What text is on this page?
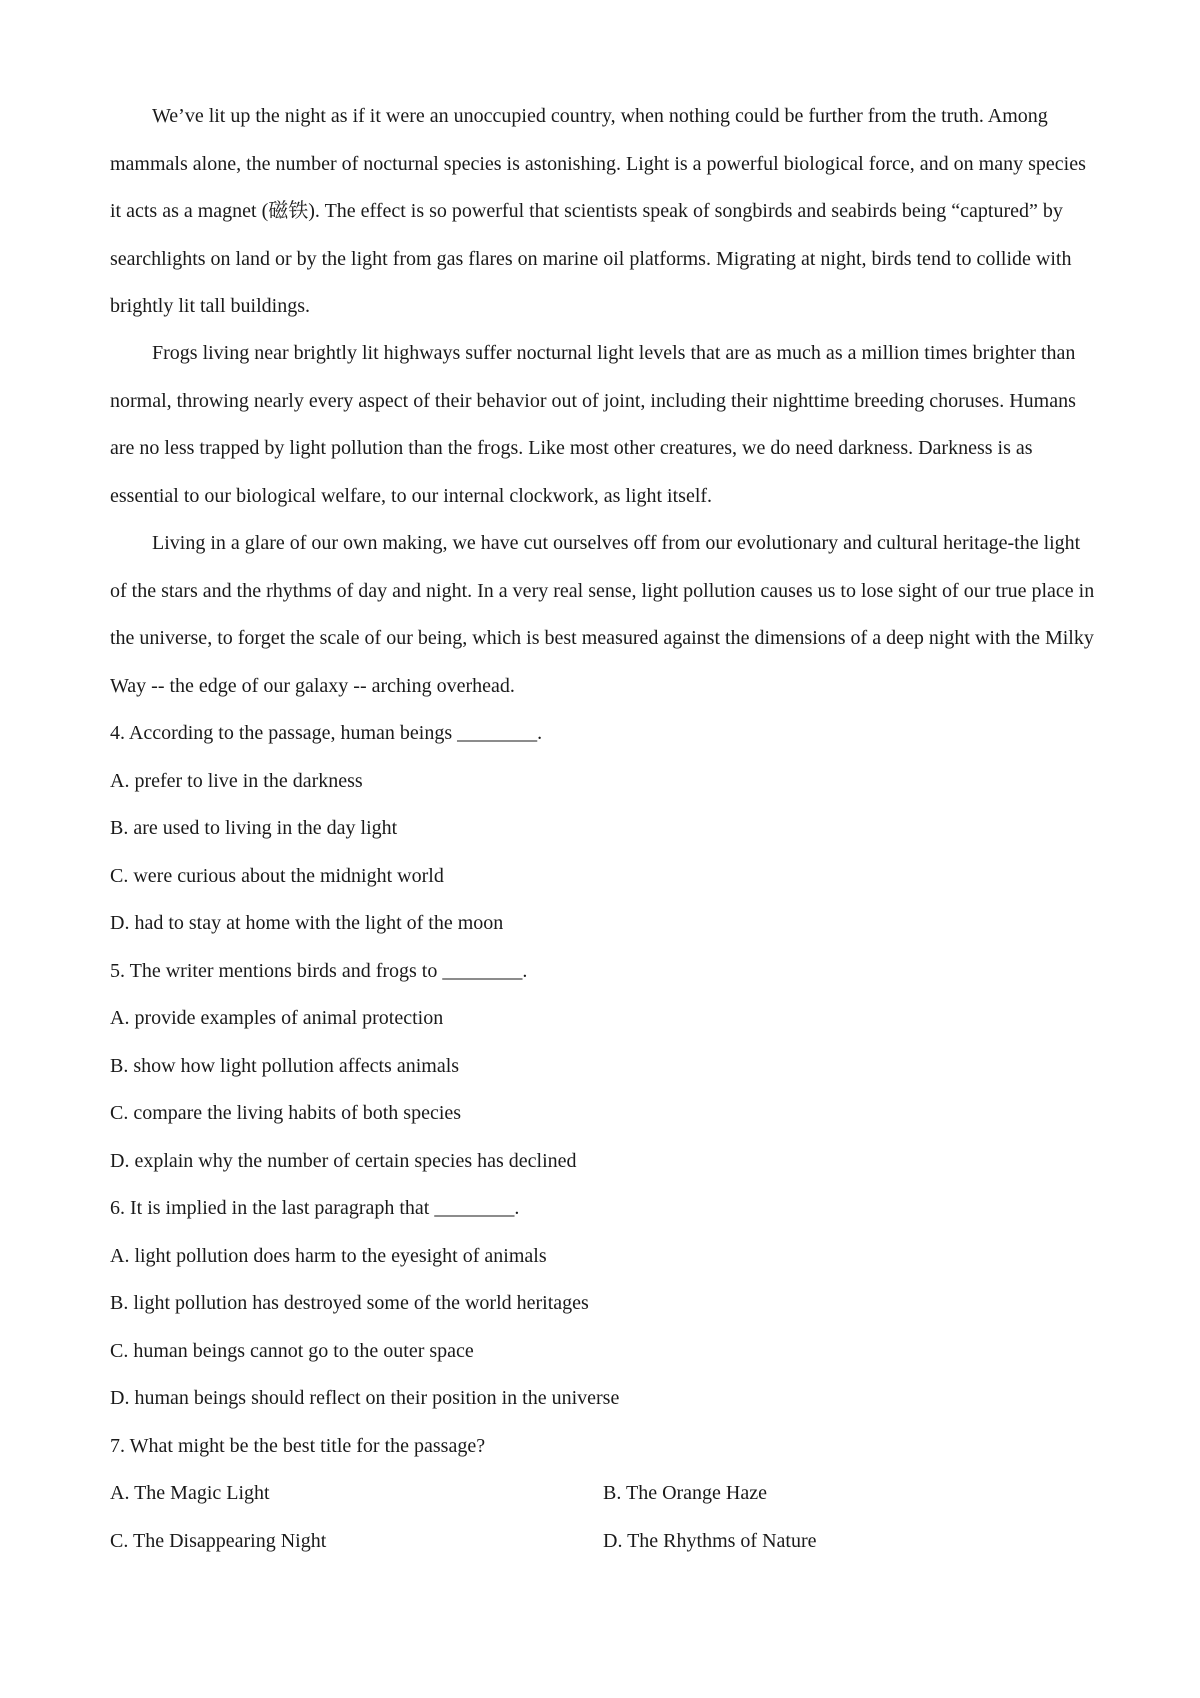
We’ve lit up the night as if it were an unoccupied country, when nothing could be further from the truth. Among mammals alone, the number of nocturnal species is astonishing. Light is a powerful biological force, and on many species it acts as a magnet (磁铁). The effect is so powerful that scientists speak of songbirds and seabirds being “captured” by searchlights on land or by the light from gas flares on marine oil platforms. Migrating at night, birds tend to collide with brightly lit tall buildings.

Frogs living near brightly lit highways suffer nocturnal light levels that are as much as a million times brighter than normal, throwing nearly every aspect of their behavior out of joint, including their nighttime breeding choruses. Humans are no less trapped by light pollution than the frogs. Like most other creatures, we do need darkness. Darkness is as essential to our biological welfare, to our internal clockwork, as light itself.

Living in a glare of our own making, we have cut ourselves off from our evolutionary and cultural heritage-the light of the stars and the rhythms of day and night. In a very real sense, light pollution causes us to lose sight of our true place in the universe, to forget the scale of our being, which is best measured against the dimensions of a deep night with the Milky Way -- the edge of our galaxy -- arching overhead.

4. According to the passage, human beings ________.

A. prefer to live in the darkness

B. are used to living in the day light

C. were curious about the midnight world

D. had to stay at home with the light of the moon

5. The writer mentions birds and frogs to ________.

A. provide examples of animal protection

B. show how light pollution affects animals

C. compare the living habits of both species

D. explain why the number of certain species has declined

6. It is implied in the last paragraph that ________.

A. light pollution does harm to the eyesight of animals

B. light pollution has destroyed some of the world heritages

C. human beings cannot go to the outer space

D. human beings should reflect on their position in the universe

7. What might be the best title for the passage?

A. The Magic Light	B. The Orange Haze

C. The Disappearing Night	D. The Rhythms of Nature
